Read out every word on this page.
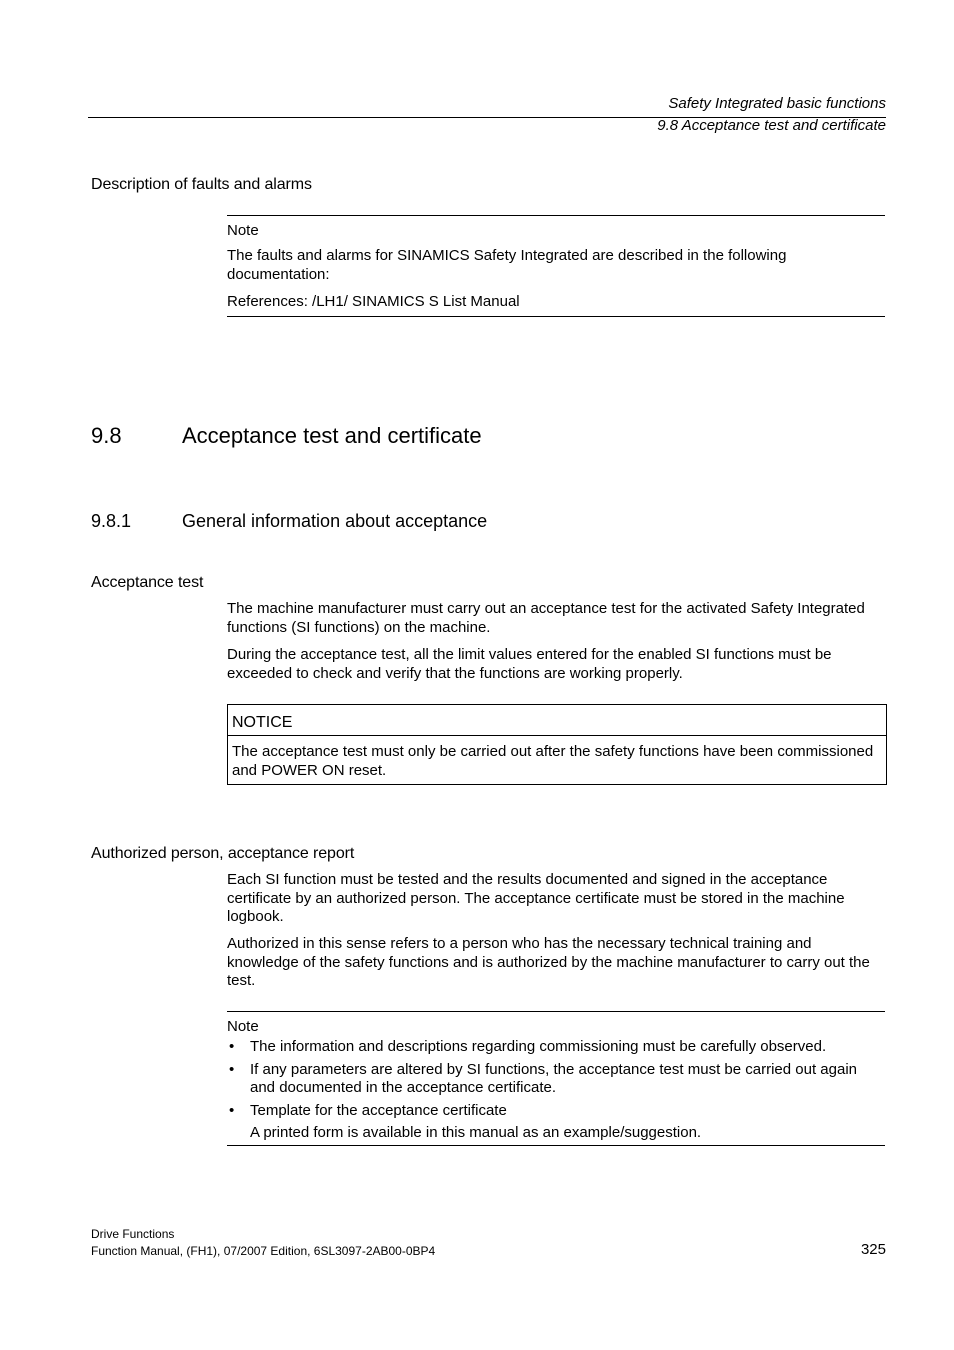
Safety Integrated basic functions
9.8 Acceptance test and certificate
Description of faults and alarms

Note

The faults and alarms for SINAMICS Safety Integrated are described in the following documentation:

References: /LH1/ SINAMICS S List Manual

9.8	Acceptance test and certificate
9.8.1	General information about acceptance
Acceptance test
The machine manufacturer must carry out an acceptance test for the activated Safety Integrated functions (SI functions) on the machine.
During the acceptance test, all the limit values entered for the enabled SI functions must be exceeded to check and verify that the functions are working properly.
NOTICE
The acceptance test must only be carried out after the safety functions have been commissioned and POWER ON reset.
Authorized person, acceptance report
Each SI function must be tested and the results documented and signed in the acceptance certificate by an authorized person. The acceptance certificate must be stored in the machine logbook.
Authorized in this sense refers to a person who has the necessary technical training and knowledge of the safety functions and is authorized by the machine manufacturer to carry out the test.

Note

• The information and descriptions regarding commissioning must be carefully observed.
• If any parameters are altered by SI functions, the acceptance test must be carried out again and documented in the acceptance certificate.
• Template for the acceptance certificate
A printed form is available in this manual as an example/suggestion.
Drive Functions
Function Manual, (FH1), 07/2007 Edition, 6SL3097-2AB00-0BP4	325
